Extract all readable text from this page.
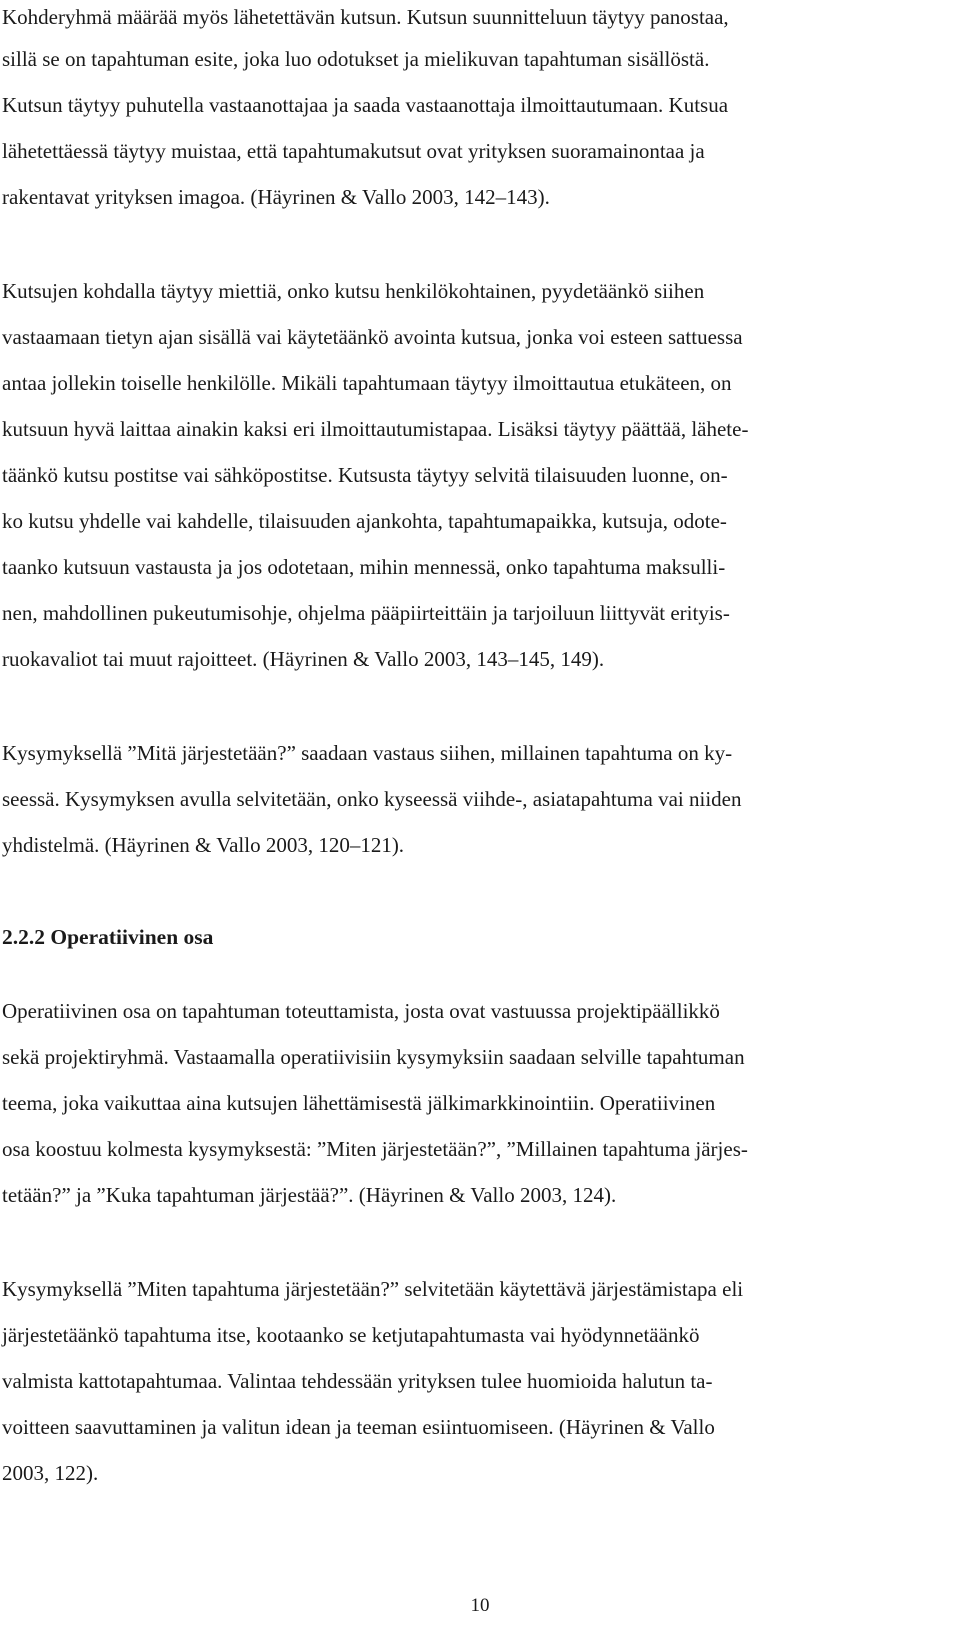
Kohderyhmä määrää myös lähetettävän kutsun. Kutsun suunnitteluun täytyy panostaa,

sillä se on tapahtuman esite, joka luo odotukset ja mielikuvan tapahtuman sisällöstä.

Kutsun täytyy puhutella vastaanottajaa ja saada vastaanottaja ilmoittautumaan. Kutsua

lähetettäessä täytyy muistaa, että tapahtumakutsut ovat yrityksen suoramainontaa ja

rakentavat yrityksen imagoa. (Häyrinen & Vallo 2003, 142–143).

Kutsujen kohdalla täytyy miettiä, onko kutsu henkilökohtainen, pyydetäänkö siihen

vastaamaan tietyn ajan sisällä vai käytetäänkö avointa kutsua, jonka voi esteen sattuessa

antaa jollekin toiselle henkilölle. Mikäli tapahtumaan täytyy ilmoittautua etukäteen, on

kutsuun hyvä laittaa ainakin kaksi eri ilmoittautumistapaa. Lisäksi täytyy päättää, lähete-

täänkö kutsu postitse vai sähköpostitse. Kutsusta täytyy selvitä tilaisuuden luonne, on-

ko kutsu yhdelle vai kahdelle, tilaisuuden ajankohta, tapahtumapaikka, kutsuja, odote-

taanko kutsuun vastausta ja jos odotetaan, mihin mennessä, onko tapahtuma maksulli-

nen, mahdollinen pukeutumisohje, ohjelma pääpiirteittäin ja tarjoiluun liittyvät erityis-

ruokavaliot tai muut rajoitteet. (Häyrinen & Vallo 2003, 143–145, 149).

Kysymyksellä ”Mitä järjestetään?” saadaan vastaus siihen, millainen tapahtuma on ky-

seessä. Kysymyksen avulla selvitetään, onko kyseessä viihde-, asiatapahtuma vai niiden

yhdistelmä. (Häyrinen & Vallo 2003, 120–121).

2.2.2 Operatiivinen osa

Operatiivinen osa on tapahtuman toteuttamista, josta ovat vastuussa projektipäällikkö

sekä projektiryhmä. Vastaamalla operatiivisiin kysymyksiin saadaan selville tapahtuman

teema, joka vaikuttaa aina kutsujen lähettämisestä jälkimarkkinointiin. Operatiivinen

osa koostuu kolmesta kysymyksestä: ”Miten järjestetään?”, ”Millainen tapahtuma järjes-

tetään?” ja ”Kuka tapahtuman järjestää?”. (Häyrinen & Vallo 2003, 124).

Kysymyksellä ”Miten tapahtuma järjestetään?” selvitetään käytettävä järjestämistapa eli

järjestetäänkö tapahtuma itse, kootaanko se ketjutapahtumasta vai hyödynnetäänkö

valmista kattotapahtumaa. Valintaa tehdessään yrityksen tulee huomioida halutun ta-

voitteen saavuttaminen ja valitun idean ja teeman esiintuomiseen. (Häyrinen & Vallo

2003, 122).

10
